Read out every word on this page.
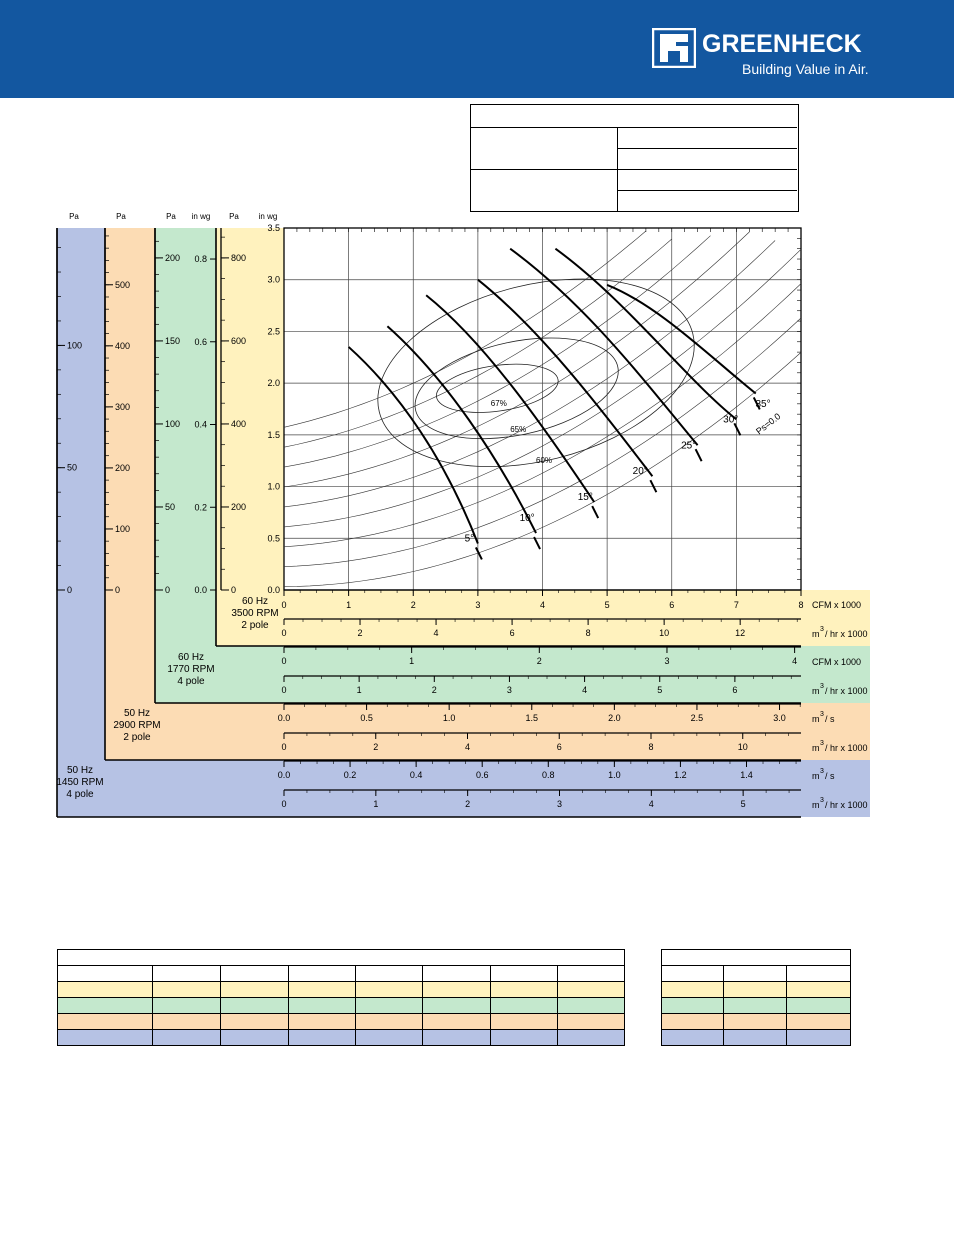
GREENHECK
Building Value in Air.
67%
65%
60%
5°
10°
15°
20°
25°
30°
35°
Ps=0.0
0	1	2	3	4	5	6	7	8
0.0
0.5
1.0
1.5
2.0
2.5
3.0
3.5
0
200
400
600
800
0.0
0.2
0.4
0.6
0.8
0
50
100
150
200
0
100
200
300
400
500
0
50
100
Pa	Pa	Pa in wg Pa in wg
CFM x 1000
0	2	4	6	8	10	12	m 3 / hr x 1000
60 Hz
3500 RPM
2 pole
0	1	2	3	4 CFM x 1000
0	1	2	3	4	5	6	m 3 / hr x 1000
60 Hz
1770 RPM
4 pole
0.0	0.5	1.0	1.5	2.0	2.5	3.0	m 3 / s
0	2	4	6	8	10	m 3 / hr x 1000
50 Hz
2900 RPM
2 pole
0.0	0.2	0.4	0.6	0.8	1.0	1.2	1.4	m 3 / s
0	1	2	3	4	5	m 3 / hr x 1000
50 Hz
1450 RPM
4 pole
